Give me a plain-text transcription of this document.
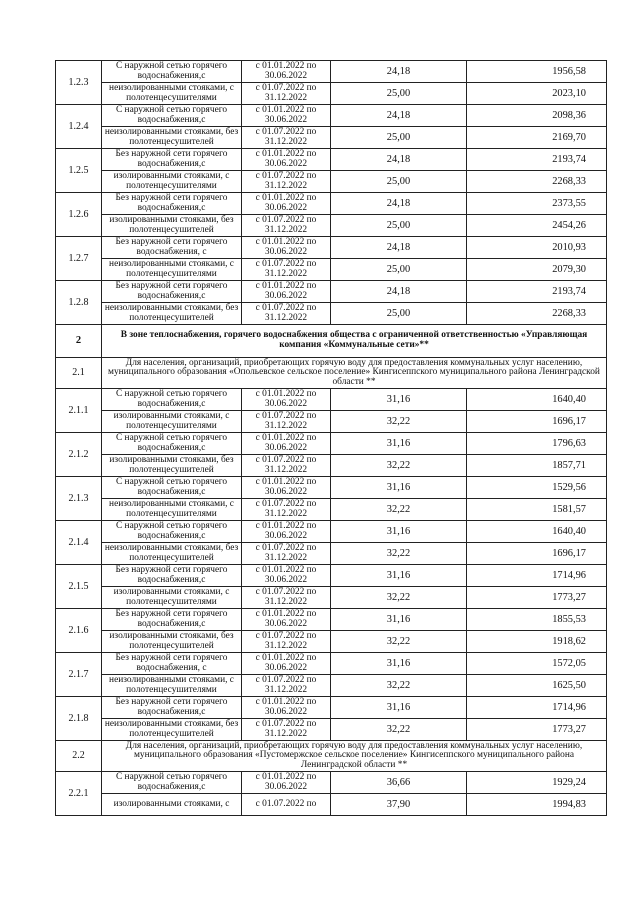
1.2.3	С наружной сетью горячего водоснабжения,с	с 01.01.2022 по 30.06.2022	24,18	1956,58
	неизолированными стояками, с полотенцесушителями	с 01.07.2022 по 31.12.2022	25,00	2023,10
1.2.4	С наружной сетью горячего водоснабжения,с	с 01.01.2022 по 30.06.2022	24,18	2098,36
	неизолированными стояками, без полотенцесушителей	с 01.07.2022 по 31.12.2022	25,00	2169,70
1.2.5	Без наружной сети горячего водоснабжения,с	с 01.01.2022 по 30.06.2022	24,18	2193,74
	изолированными стояками, с полотенцесушителями	с 01.07.2022 по 31.12.2022	25,00	2268,33
1.2.6	Без наружной сети горячего водоснабжения,с	с 01.01.2022 по 30.06.2022	24,18	2373,55
	изолированными стояками, без полотенцесушителей	с 01.07.2022 по 31.12.2022	25,00	2454,26
1.2.7	Без наружной сети горячего водоснабжения, с	с 01.01.2022 по 30.06.2022	24,18	2010,93
	неизолированными стояками, с полотенцесушителями	с 01.07.2022 по 31.12.2022	25,00	2079,30
1.2.8	Без наружной сети горячего водоснабжения,с	с 01.01.2022 по 30.06.2022	24,18	2193,74
	неизолированными стояками, без полотенцесушителей	с 01.07.2022 по 31.12.2022	25,00	2268,33
2	В зоне теплоснабжения, горячего водоснабжения общества с ограниченной ответственностью «Управляющая компания «Коммунальные сети»**			
2.1	Для населения, организаций, приобретающих горячую воду для предоставления коммунальных услуг населению, муниципального образования «Опольевское сельское поселение» Кингисеппского муниципального района Ленинградской области **			
2.1.1	С наружной сетью горячего водоснабжения,с	с 01.01.2022 по 30.06.2022	31,16	1640,40
	изолированными стояками, с полотенцесушителями	с 01.07.2022 по 31.12.2022	32,22	1696,17
2.1.2	С наружной сетью горячего водоснабжения,с	с 01.01.2022 по 30.06.2022	31,16	1796,63
	изолированными стояками, без полотенцесушителей	с 01.07.2022 по 31.12.2022	32,22	1857,71
2.1.3	С наружной сетью горячего водоснабжения,с	с 01.01.2022 по 30.06.2022	31,16	1529,56
	неизолированными стояками, с полотенцесушителями	с 01.07.2022 по 31.12.2022	32,22	1581,57
2.1.4	С наружной сетью горячего водоснабжения,с	с 01.01.2022 по 30.06.2022	31,16	1640,40
	неизолированными стояками, без полотенцесушителей	с 01.07.2022 по 31.12.2022	32,22	1696,17
2.1.5	Без наружной сети горячего водоснабжения,с	с 01.01.2022 по 30.06.2022	31,16	1714,96
	изолированными стояками, с полотенцесушителями	с 01.07.2022 по 31.12.2022	32,22	1773,27
2.1.6	Без наружной сети горячего водоснабжения,с	с 01.01.2022 по 30.06.2022	31,16	1855,53
	изолированными стояками, без полотенцесушителей	с 01.07.2022 по 31.12.2022	32,22	1918,62
2.1.7	Без наружной сети горячего водоснабжения, с	с 01.01.2022 по 30.06.2022	31,16	1572,05
	неизолированными стояками, с полотенцесушителями	с 01.07.2022 по 31.12.2022	32,22	1625,50
2.1.8	Без наружной сети горячего водоснабжения,с	с 01.01.2022 по 30.06.2022	31,16	1714,96
	неизолированными стояками, без полотенцесушителей	с 01.07.2022 по 31.12.2022	32,22	1773,27
2.2	Для населения, организаций, приобретающих горячую воду для предоставления коммунальных услуг населению, муниципального образования «Пустомержское сельское поселение» Кингисеппского муниципального района Ленинградской области **			
2.2.1	С наружной сетью горячего водоснабжения,с	с 01.01.2022 по 30.06.2022	36,66	1929,24
	изолированными стояками, с	с 01.07.2022 по	37,90	1994,83
